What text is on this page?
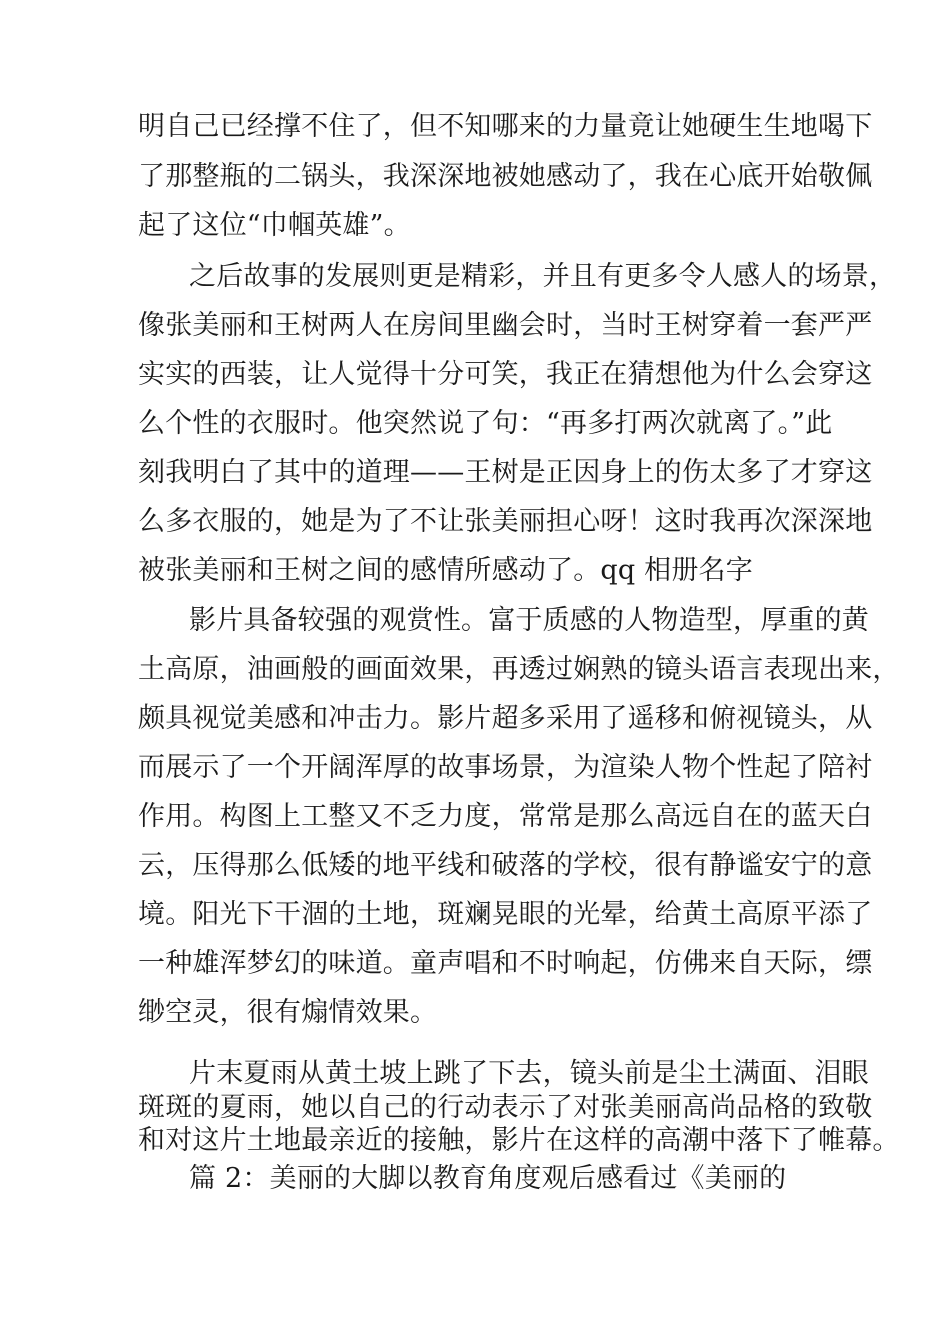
明自己已经撑不住了，但不知哪来的力量竟让她硬生生地喝下
了那整瓶的二锅头，我深深地被她感动了，我在心底开始敬佩
起了这位“巾帼英雄”。
之后故事的发展则更是精彩，并且有更多令人感人的场景，
像张美丽和王树两人在房间里幽会时，当时王树穿着一套严严
实实的西装，让人觉得十分可笑，我正在猜想他为什么会穿这
么个性的衣服时。他突然说了句：“再多打两次就离了。”此
刻我明白了其中的道理——王树是正因身上的伤太多了才穿这
么多衣服的，她是为了不让张美丽担心呀！这时我再次深深地
被张美丽和王树之间的感情所感动了。qq 相册名字
影片具备较强的观赏性。富于质感的人物造型，厚重的黄
土高原，油画般的画面效果，再透过娴熟的镜头语言表现出来，
颇具视觉美感和冲击力。影片超多采用了遥移和俯视镜头，从
而展示了一个开阔浑厚的故事场景，为渲染人物个性起了陪衬
作用。构图上工整又不乏力度，常常是那么高远自在的蓝天白
云，压得那么低矮的地平线和破落的学校，很有静谧安宁的意
境。阳光下干涸的土地，斑斓晃眼的光晕，给黄土高原平添了
一种雄浑梦幻的味道。童声唱和不时响起，仿佛来自天际，缥
缈空灵，很有煽情效果。
片末夏雨从黄土坡上跳了下去，镜头前是尘土满面、泪眼
斑斑的夏雨，她以自己的行动表示了对张美丽高尚品格的致敬
和对这片土地最亲近的接触，影片在这样的高潮中落下了帷幕。
篇 2：美丽的大脚以教育角度观后感看过《美丽的
